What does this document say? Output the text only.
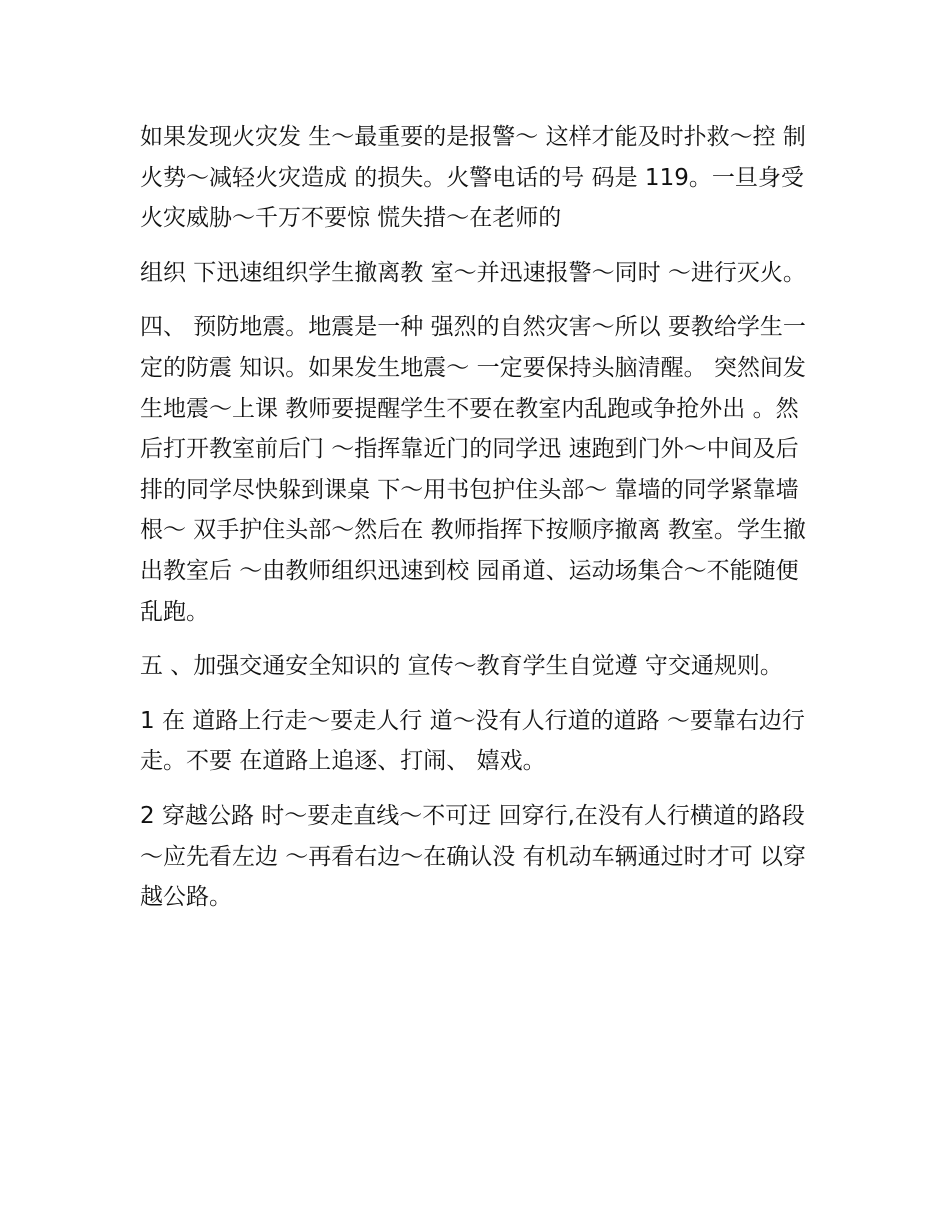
如果发现火灾发 生～最重要的是报警～ 这样才能及时扑救～控 制火势～减轻火灾造成 的损失。火警电话的号 码是 119。一旦身受 火灾威胁～千万不要惊 慌失措～在老师的

组织 下迅速组织学生撤离教 室～并迅速报警～同时 ～进行灭火。

四、 预防地震。地震是一种 强烈的自然灾害～所以 要教给学生一定的防震 知识。如果发生地震～ 一定要保持头脑清醒。 突然间发生地震～上课 教师要提醒学生不要在教室内乱跑或争抢外出 。然后打开教室前后门 ～指挥靠近门的同学迅 速跑到门外～中间及后 排的同学尽快躲到课桌 下～用书包护住头部～ 靠墙的同学紧靠墙根～ 双手护住头部～然后在 教师指挥下按顺序撤离 教室。学生撤出教室后 ～由教师组织迅速到校 园甬道、运动场集合～不能随便乱跑。

五 、加强交通安全知识的 宣传～教育学生自觉遵 守交通规则。

1 在 道路上行走～要走人行 道～没有人行道的道路 ～要靠右边行走。不要 在道路上追逐、打闹、 嬉戏。

2 穿越公路 时～要走直线～不可迂 回穿行,在没有人行横道的路段～应先看左边 ～再看右边～在确认没 有机动车辆通过时才可 以穿越公路。
